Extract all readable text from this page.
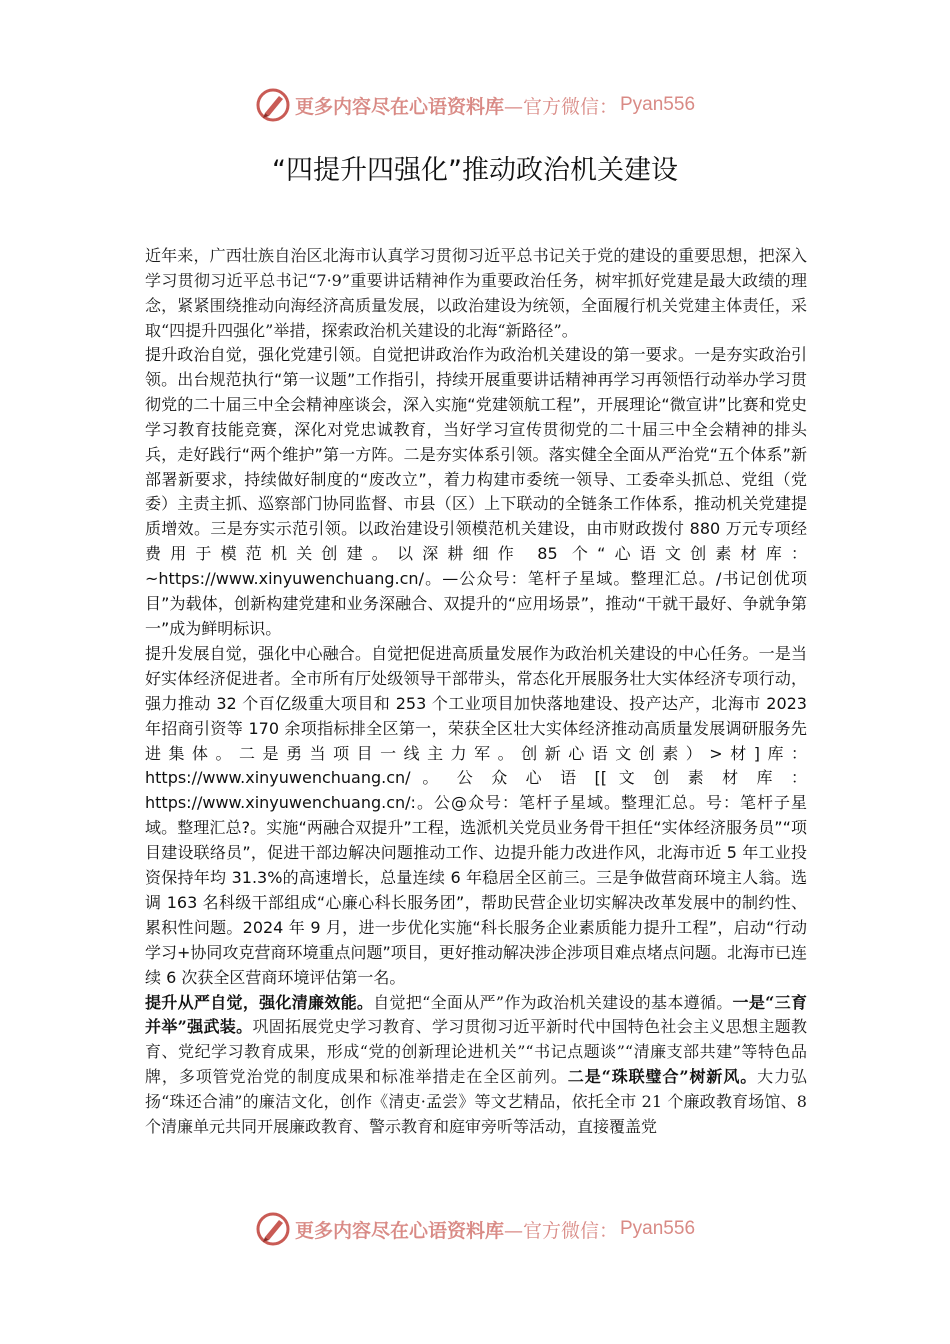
更多内容尽在心语资料库 —官方微信： Pyan556
“四提升四强化”推动政治机关建设

近年来，广西壮族自治区北海市认真学习贯彻习近平总书记关于党的建设的重要思想，把深入学习贯彻习近平总书记“7·9”重要讲话精神作为重要政治任务，树牢抓好党建是最大政绩的理念，紧紧围绕推动向海经济高质量发展，以政治建设为统领，全面履行机关党建主体责任，采取“四提升四强化”举措，探索政治机关建设的北海“新路径”。

提升政治自觉，强化党建引领。自觉把讲政治作为政治机关建设的第一要求。一是夯实政治引领。出台规范执行“第一议题”工作指引，持续开展重要讲话精神再学习再领悟行动举办学习贯彻党的二十届三中全会精神座谈会，深入实施“党建领航工程”，开展理论“微宣讲”比赛和党史学习教育技能竞赛，深化对党忠诚教育，当好学习宣传贯彻党的二十届三中全会精神的排头兵，走好践行“两个维护”第一方阵。二是夯实体系引领。落实健全全面从严治党“五个体系”新部署新要求，持续做好制度的“废改立”，着力构建市委统一领导、工委牵头抓总、党组（党委）主责主抓、巡察部门协同监督、市县（区）上下联动的全链条工作体系，推动机关党建提质增效。三是夯实示范引领。以政治建设引领模范机关建设，由市财政拨付 880 万元专项经费用于模范机关创建。以深耕细作 85 个“心语文创素材库：~https://www.xinyuwenchuang.cn/。—公众号：笔杆子星域。整理汇总。/书记创优项目”为载体，创新构建党建和业务深融合、双提升的“应用场景”，推动“干就干最好、争就争第一”成为鲜明标识。

提升发展自觉，强化中心融合。自觉把促进高质量发展作为政治机关建设的中心任务。一是当好实体经济促进者。全市所有厅处级领导干部带头，常态化开展服务壮大实体经济专项行动，强力推动 32 个百亿级重大项目和 253 个工业项目加快落地建设、投产达产，北海市 2023 年招商引资等 170 余项指标排全区第一，荣获全区壮大实体经济推动高质量发展调研服务先进集体。二是勇当项目一线主力军。创新心语文创素）>材]库：https://www.xinyuwenchuang.cn/ 。 公 众 心 语 [[ 文 创 素 材 库 ： https://www.xinyuwenchuang.cn/:。公@众号：笔杆子星域。整理汇总。号：笔杆子星域。整理汇总?。实施“两融合双提升”工程，选派机关党员业务骨干担任“实体经济服务员”“项目建设联络员”，促进干部边解决问题推动工作、边提升能力改进作风，北海市近 5 年工业投资保持年均 31.3%的高速增长，总量连续 6 年稳居全区前三。三是争做营商环境主人翁。选调 163 名科级干部组成“心廉心科长服务团”，帮助民营企业切实解决改革发展中的制约性、累积性问题。2024 年 9 月，进一步优化实施“科长服务企业素质能力提升工程”，启动“行动学习+协同攻克营商环境重点问题”项目，更好推动解决涉企涉项目难点堵点问题。北海市已连续 6 次获全区营商环境评估第一名。

提升从严自觉，强化清廉效能。自觉把“全面从严”作为政治机关建设的基本遵循。一是“三育并举”强武装。巩固拓展党史学习教育、学习贯彻习近平新时代中国特色社会主义思想主题教育、党纪学习教育成果，形成“党的创新理论进机关”“书记点题谈”“清廉支部共建”等特色品牌，多项管党治党的制度成果和标准举措走在全区前列。二是“珠联璧合”树新风。大力弘扬“珠还合浦”的廉洁文化，创作《清吏·孟尝》等文艺精品，依托全市 21 个廉政教育场馆、8 个清廉单元共同开展廉政教育、警示教育和庭审旁听等活动，直接覆盖党

更多内容尽在心语资料库 —官方微信： Pyan556
